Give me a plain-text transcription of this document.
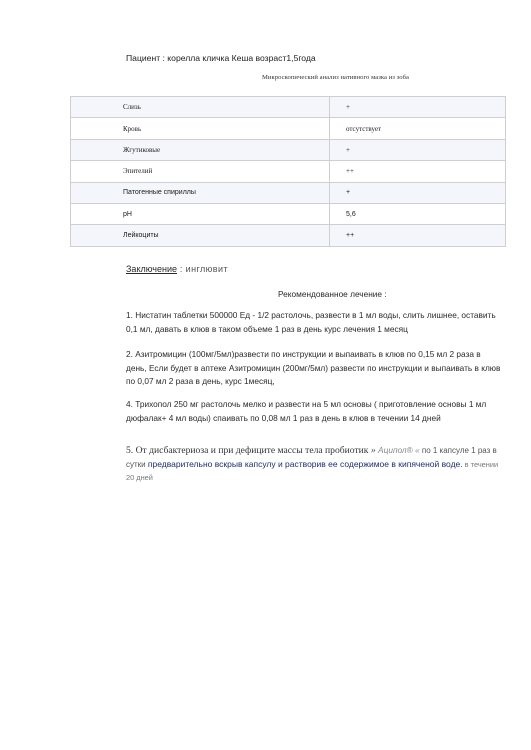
Пациент : корелла кличка Кеша возраст1,5года
Микроскопический анализ нативного мазка из зоба
Слизь	+
Кровь	отсутствует
Жгутиковые	+
Эпителий	++
Патогенные спириллы	+
pH	5,6
Лейкоциты	++
Заключение : инглювит
Рекомендованное лечение :
1. Нистатин таблетки 500000 Ед - 1/2 растолочь, развести в 1 мл воды, слить лишнее, оставить 0,1 мл, давать в клюв в таком объеме 1 раз в день курс лечения 1 месяц
2. Азитромицин (100мг/5мл)развести по инструкции и выпаивать в клюв по 0,15 мл 2 раза в день, Если будет в аптеке Азитромицин (200мг/5мл) развести по инструкции и выпаивать в клюв по 0,07 мл 2 раза в день, курс 1месяц,
4. Трихопол 250 мг растолочь мелко и развести на 5 мл основы ( приготовление основы 1 мл дюфалак+ 4 мл воды) спаивать по 0,08 мл 1 раз в день в клюв в течении 14 дней
5. От дисбактериоза и при дефиците массы тела пробиотик » Аципол® « по 1 капсуле 1 раз в сутки предварительно вскрыв капсулу и растворив ее содержимое в кипяченой воде. в течении 20 дней
